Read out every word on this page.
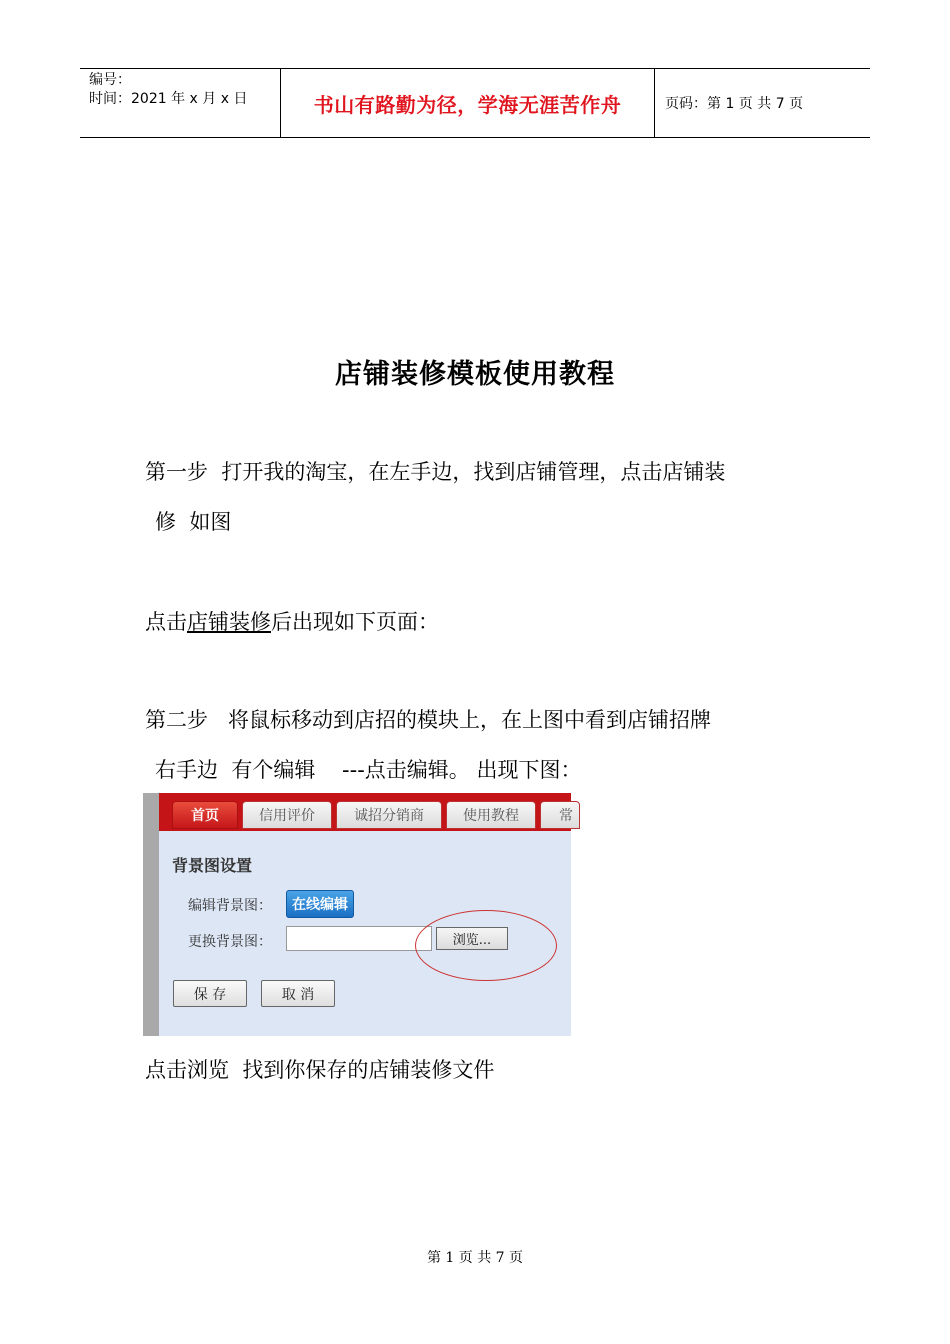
编号：
时间：2021 年 x 月 x 日	书山有路勤为径，学海无涯苦作舟	页码：第 1 页 共 7 页
店铺装修模板使用教程
第一步  打开我的淘宝，在左手边，找到店铺管理，点击店铺装
修  如图
点击店铺装修后出现如下页面：
第二步   将鼠标移动到店招的模块上，在上图中看到店铺招牌
右手边  有个编辑    ---点击编辑。 出现下图：
首页	信用评价	诚招分销商	使用教程	常
背景图设置
编辑背景图：	在线编辑
更换背景图：	浏览...
保 存	取 消
点击浏览  找到你保存的店铺装修文件
第 1 页 共 7 页
